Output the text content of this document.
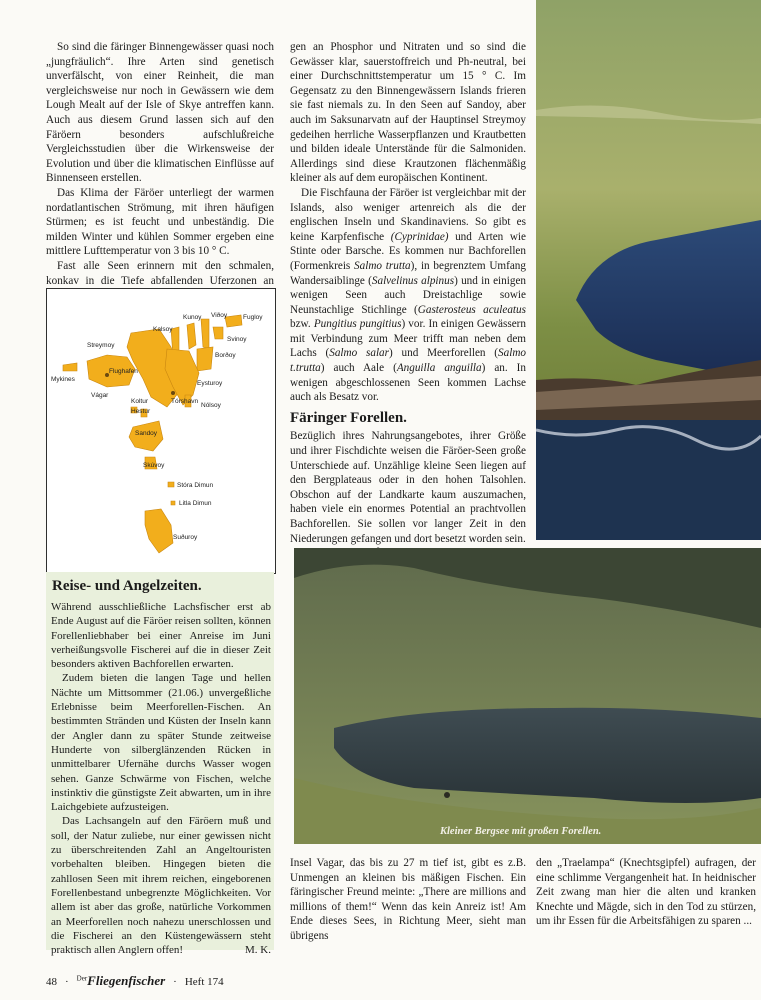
So sind die färinger Binnengewässer quasi noch „jungfräulich“. Ihre Arten sind genetisch unverfälscht, von einer Reinheit, die man vergleichsweise nur noch in Gewässern wie dem Lough Mealt auf der Isle of Skye antreffen kann. Auch aus diesem Grund lassen sich auf den Färöern besonders aufschlußreiche Vergleichsstudien über die Wirkensweise der Evolution und über die klimatischen Einflüsse auf Binnenseen erstellen.

Das Klima der Färöer unterliegt der warmen nordatlantischen Strömung, mit ihren häufigen Stürmen; es ist feucht und unbeständig. Die milden Winter und kühlen Sommer ergeben eine mittlere Lufttemperatur von 3 bis 10 ° C.

Fast alle Seen erinnern mit den schmalen, konkav in die Tiefe abfallenden Uferzonen an

Kunoy Viðoy Fugloy
Kalsoy
Svinoy
Streymoy
Borðoy
Mykines
Vágar
Flughafen
Eysturoy
Tórshavn
Koltur
Hestur
Nólsoy
Sandoy
Skúvoy
Stóra Dimun
Litla Dimun
Suðuroy
Reise- und Angelzeiten.

Während ausschließliche Lachsfischer erst ab Ende August auf die Färöer reisen sollten, können Forellenliebhaber bei einer Anreise im Juni verheißungsvolle Fischerei auf die in dieser Zeit besonders aktiven Bachforellen erwarten.

Zudem bieten die langen Tage und hellen Nächte um Mittsommer (21.06.) unvergeßliche Erlebnisse beim Meerforellen-Fischen. An bestimmten Stränden und Küsten der Inseln kann der Angler dann zu später Stunde zeitweise Hunderte von silberglänzenden Rücken in unmittelbarer Ufernähe durchs Wasser wogen sehen. Ganze Schwärme von Fischen, welche instinktiv die günstigste Zeit abwarten, um in ihre Laichgebiete aufzusteigen.

Das Lachsangeln auf den Färöern muß und soll, der Natur zuliebe, nur einer gewissen nicht zu überschreitenden Zahl an Angeltouristen vorbehalten bleiben. Hingegen bieten die zahllosen Seen mit ihrem reichen, eingeborenen Forellenbestand unbegrenzte Möglichkeiten. Vor allem ist aber das große, natürliche Vorkommen an Meerforellen noch nahezu unerschlossen und die Fischerei an den Küstengewässern steht praktisch allen Anglern offen!	M. K.

gen an Phosphor und Nitraten und so sind die Gewässer klar, sauerstoffreich und Ph-neutral, bei einer Durchschnittstemperatur um 15 ° C. Im Gegensatz zu den Binnengewässern Islands frieren sie fast niemals zu. In den Seen auf Sandoy, aber auch im Saksunarvatn auf der Hauptinsel Streymoy gedeihen herrliche Wasserpflanzen und Krautbetten und bilden ideale Unterstände für die Salmoniden. Allerdings sind diese Krautzonen flächenmäßig kleiner als auf dem europäischen Kontinent.

Die Fischfauna der Färöer ist vergleichbar mit der Islands, also weniger artenreich als die der englischen Inseln und Skandinaviens. So gibt es keine Karpfenfische (Cyprinidae) und Arten wie Stinte oder Barsche. Es kommen nur Bachforellen (Formenkreis Salmo trutta), in begrenztem Umfang Wandersaiblinge (Salvelinus alpinus) und in einigen wenigen Seen auch Dreistachlige sowie Neunstachlige Stichlinge (Gasterosteus aculeatus bzw. Pungitius pungitius) vor. In einigen Gewässern mit Verbindung zum Meer trifft man neben dem Lachs (Salmo salar) und Meerforellen (Salmo t.trutta) auch Aale (Anguilla anguilla) an. In wenigen abgeschlossenen Seen kommen Lachse auch als Besatz vor.

Färinger Forellen.

Bezüglich ihres Nahrungsangebotes, ihrer Größe und ihrer Fischdichte weisen die Färöer-Seen große Unterschiede auf. Unzählige kleine Seen liegen auf den Bergplateaus oder in den hohen Talsohlen. Obschon auf der Landkarte kaum auszumachen, haben viele ein enormes Potential an prachtvollen Bachforellen. Sie sollen vor langer Zeit in den Niederungen gefangen und dort besetzt worden sein.

Kleiner Bergsee mit großen Forellen.

Insel Vagar, das bis zu 27 m tief ist, gibt es z.B. Unmengen an kleinen bis mäßigen Fischen. Ein färingischer Freund meinte: „There are millions and millions of them!“ Wenn das kein Anreiz ist! Am Ende dieses Sees, in Richtung Meer, sieht man übrigens

den „Traelampa“ (Knechtsgipfel) aufragen, der eine schlimme Vergangenheit hat. In heidnischer Zeit zwang man hier die alten und kranken Knechte und Mägde, sich in den Tod zu stürzen, um ihr Essen für die Arbeitsfähigen zu sparen ...

48 · $^{Der}$Fliegenfischer · Heft 174
